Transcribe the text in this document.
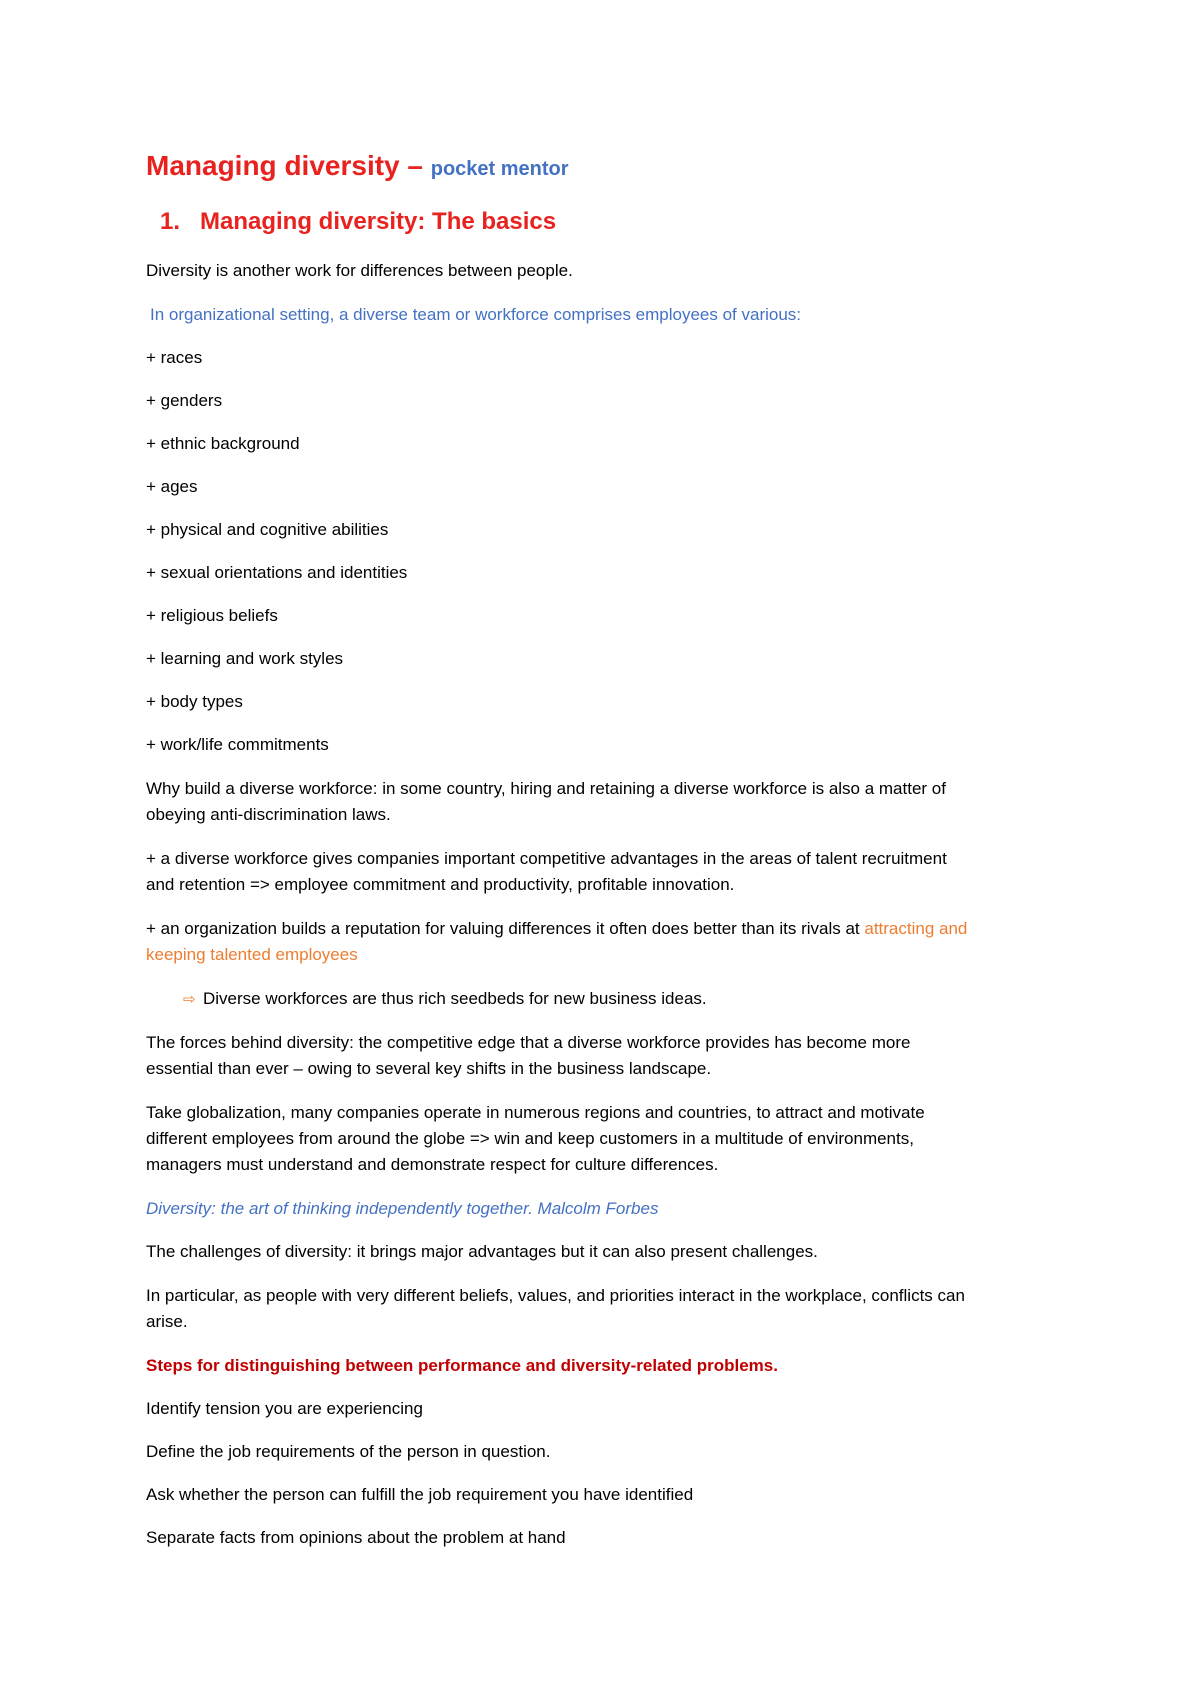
Managing diversity – pocket mentor
1. Managing diversity: The basics

Diversity is another work for differences between people.

In organizational setting, a diverse team or workforce comprises employees of various:

+ races

+ genders

+ ethnic background

+ ages

+ physical and cognitive abilities

+ sexual orientations and identities

+ religious beliefs

+ learning and work styles

+ body types

+ work/life commitments

Why build a diverse workforce: in some country, hiring and retaining a diverse workforce is also a matter of

obeying anti-discrimination laws.

+ a diverse workforce gives companies important competitive advantages in the areas of talent recruitment

and retention => employee commitment and productivity, profitable innovation.

+ an organization builds a reputation for valuing differences it often does better than its rivals at attracting and

keeping talented employees

⇨ Diverse workforces are thus rich seedbeds for new business ideas.

The forces behind diversity: the competitive edge that a diverse workforce provides has become more

essential than ever – owing to several key shifts in the business landscape.

Take globalization, many companies operate in numerous regions and countries, to attract and motivate

different employees from around the globe => win and keep customers in a multitude of environments,

managers must understand and demonstrate respect for culture differences.

Diversity: the art of thinking independently together. Malcolm Forbes

The challenges of diversity: it brings major advantages but it can also present challenges.

In particular, as people with very different beliefs, values, and priorities interact in the workplace, conflicts can

arise.

Steps for distinguishing between performance and diversity-related problems.

Identify tension you are experiencing

Define the job requirements of the person in question.

Ask whether the person can fulfill the job requirement you have identified

Separate facts from opinions about the problem at hand
